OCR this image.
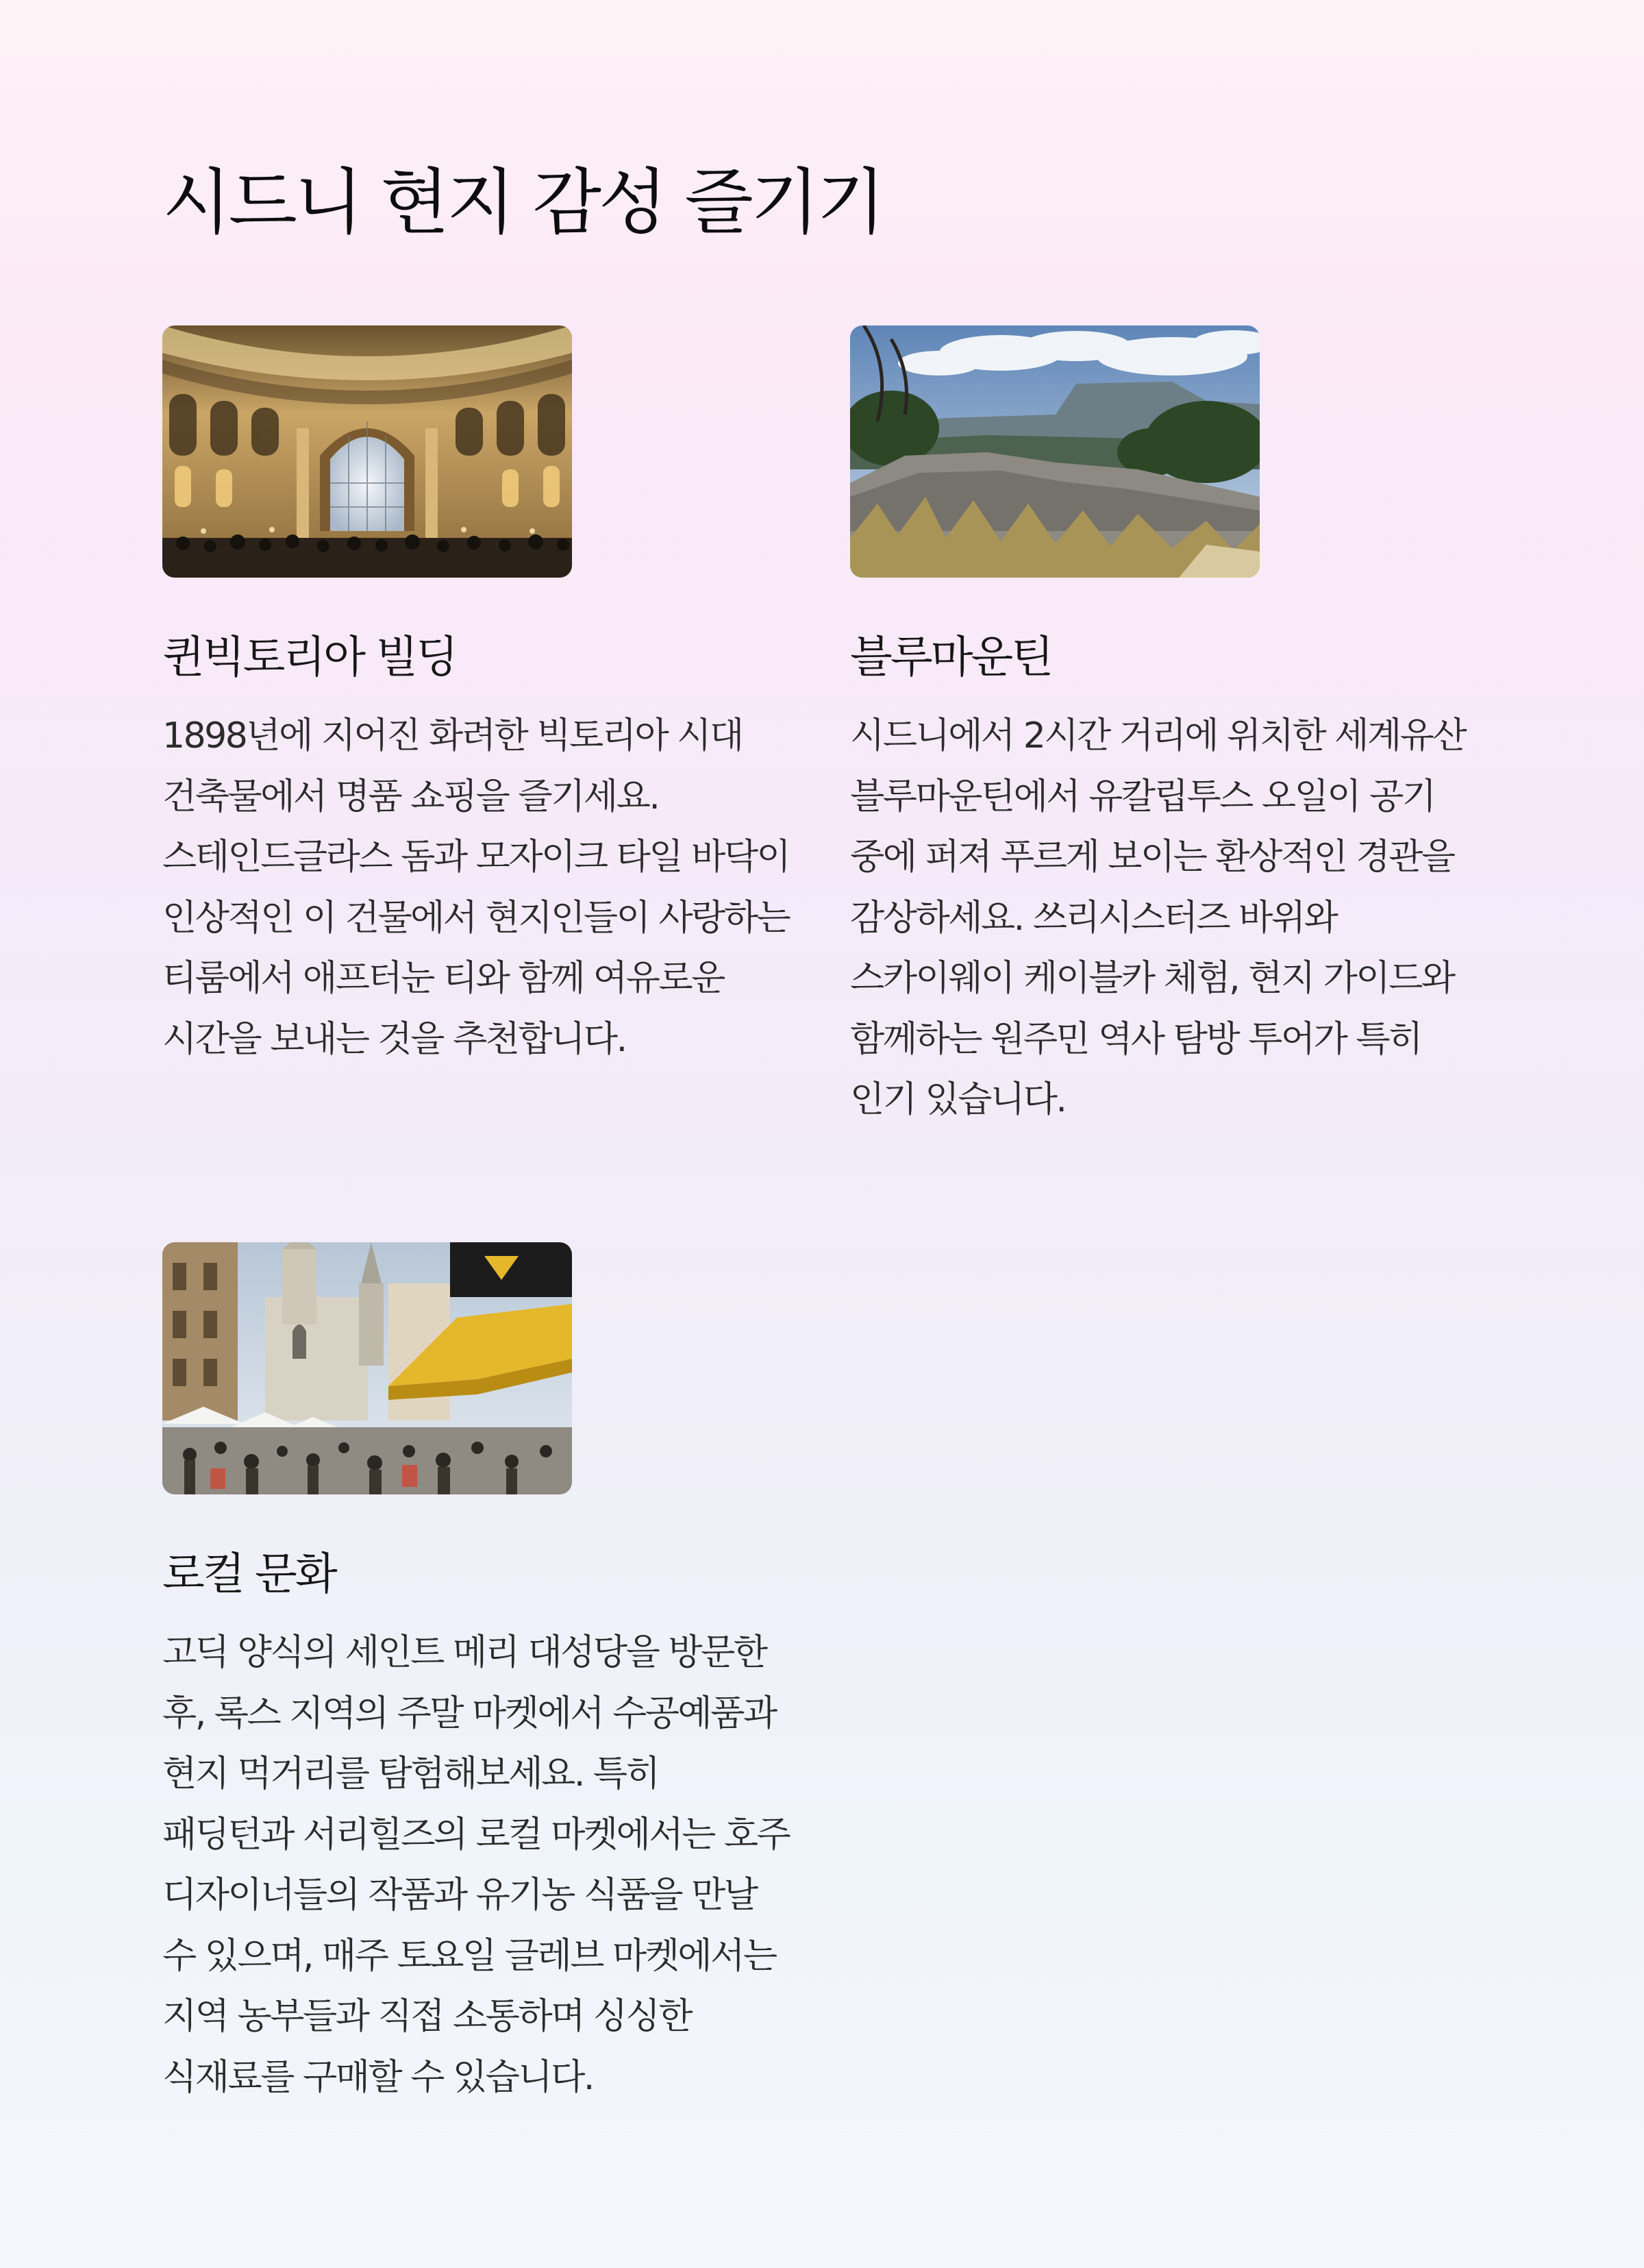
시드니 현지 감성 즐기기
퀸빅토리아 빌딩

1898년에 지어진 화려한 빅토리아 시대 건축물에서 명품 쇼핑을 즐기세요. 스테인드글라스 돔과 모자이크 타일 바닥이 인상적인 이 건물에서 현지인들이 사랑하는 티룸에서 애프터눈 티와 함께 여유로운 시간을 보내는 것을 추천합니다.

블루마운틴

시드니에서 2시간 거리에 위치한 세계유산 블루마운틴에서 유칼립투스 오일이 공기 중에 퍼져 푸르게 보이는 환상적인 경관을 감상하세요. 쓰리시스터즈 바위와 스카이웨이 케이블카 체험, 현지 가이드와 함께하는 원주민 역사 탐방 투어가 특히 인기 있습니다.

로컬 문화

고딕 양식의 세인트 메리 대성당을 방문한 후, 록스 지역의 주말 마켓에서 수공예품과 현지 먹거리를 탐험해보세요. 특히 패딩턴과 서리힐즈의 로컬 마켓에서는 호주 디자이너들의 작품과 유기농 식품을 만날 수 있으며, 매주 토요일 글레브 마켓에서는 지역 농부들과 직접 소통하며 싱싱한 식재료를 구매할 수 있습니다.
